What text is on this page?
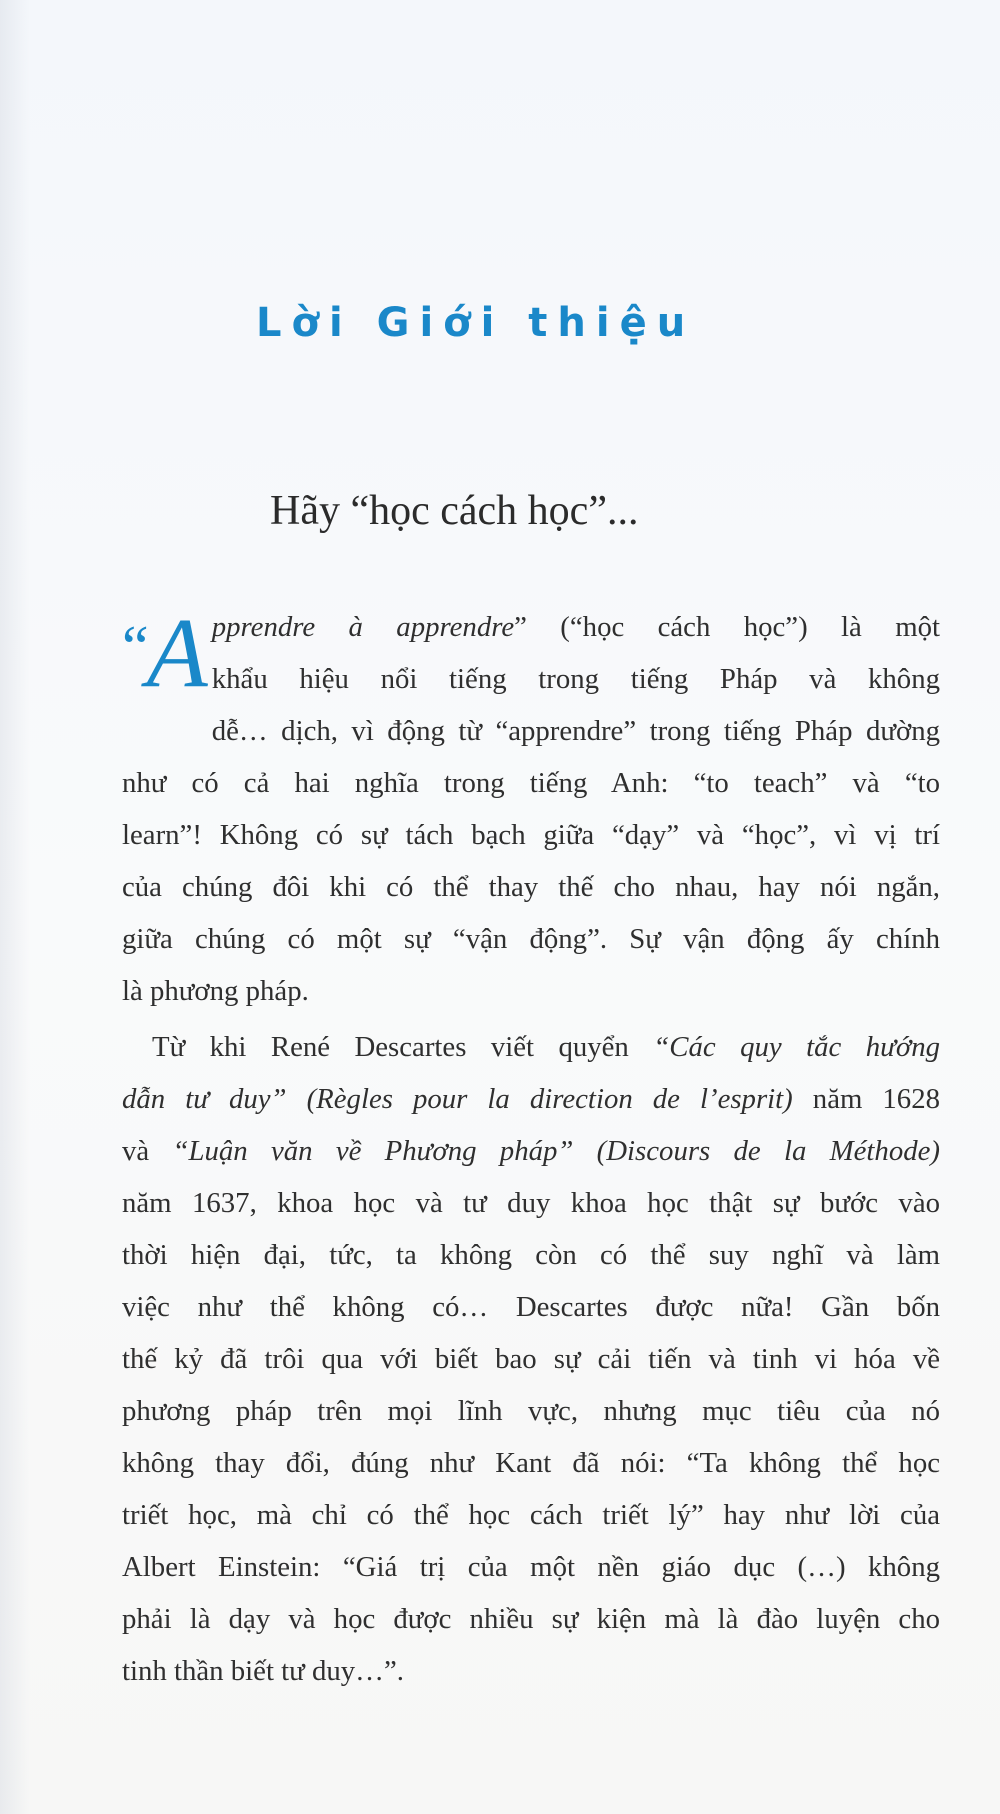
Lời Giới thiệu
Hãy “học cách học”...

“A pprendre à apprendre” (“học cách học”) là một
khẩu hiệu nổi tiếng trong tiếng Pháp và không
dễ… dịch, vì động từ “apprendre” trong tiếng Pháp dường
như có cả hai nghĩa trong tiếng Anh: “to teach” và “to
learn”! Không có sự tách bạch giữa “dạy” và “học”, vì vị trí
của chúng đôi khi có thể thay thế cho nhau, hay nói ngắn,
giữa chúng có một sự “vận động”. Sự vận động ấy chính
là phương pháp.

Từ khi René Descartes viết quyển “Các quy tắc hướng
dẫn tư duy” (Règles pour la direction de l’esprit) năm 1628
và “Luận văn về Phương pháp” (Discours de la Méthode)
năm 1637, khoa học và tư duy khoa học thật sự bước vào
thời hiện đại, tức, ta không còn có thể suy nghĩ và làm
việc như thể không có… Descartes được nữa! Gần bốn
thế kỷ đã trôi qua với biết bao sự cải tiến và tinh vi hóa về
phương pháp trên mọi lĩnh vực, nhưng mục tiêu của nó
không thay đổi, đúng như Kant đã nói: “Ta không thể học
triết học, mà chỉ có thể học cách triết lý” hay như lời của
Albert Einstein: “Giá trị của một nền giáo dục (…) không
phải là dạy và học được nhiều sự kiện mà là đào luyện cho
tinh thần biết tư duy…”.
